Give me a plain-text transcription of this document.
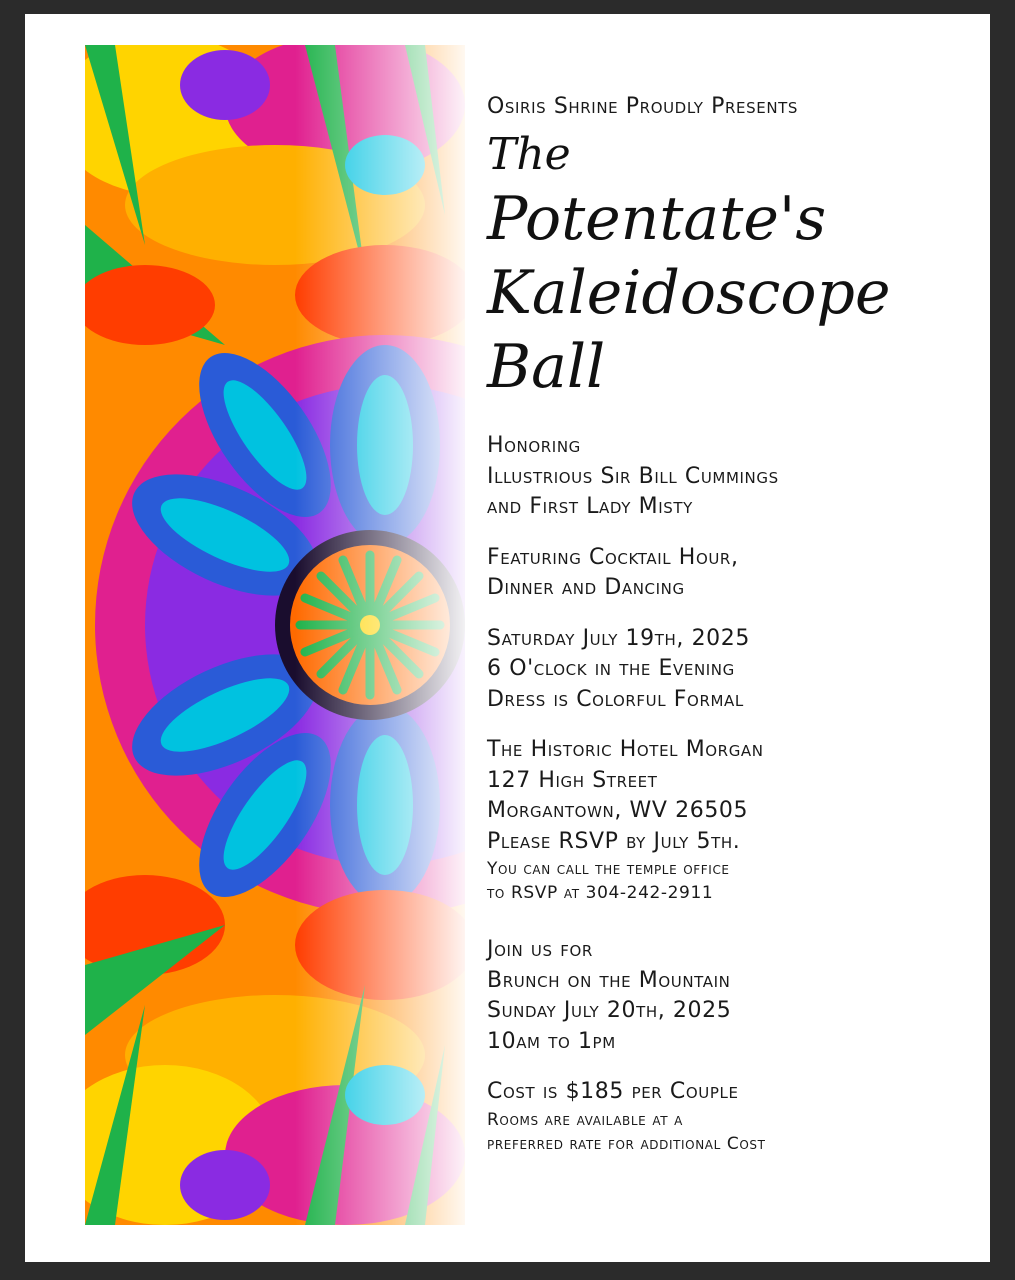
Osiris Shrine Proudly Presents

The
Potentate's
Kaleidoscope
Ball

Honoring

Illustrious Sir Bill Cummings

and First Lady Misty

Featuring Cocktail Hour,

Dinner and Dancing

Saturday July 19th, 2025

6 O'clock in the Evening

Dress is Colorful Formal

The Historic Hotel Morgan

127 High Street

Morgantown, WV 26505

Please RSVP by July 5th.

You can call the temple office

to RSVP at 304-242-2911

Join us for

Brunch on the Mountain

Sunday July 20th, 2025

10am to 1pm

Cost is $185 per Couple

Rooms are available at a

preferred rate for additional Cost
